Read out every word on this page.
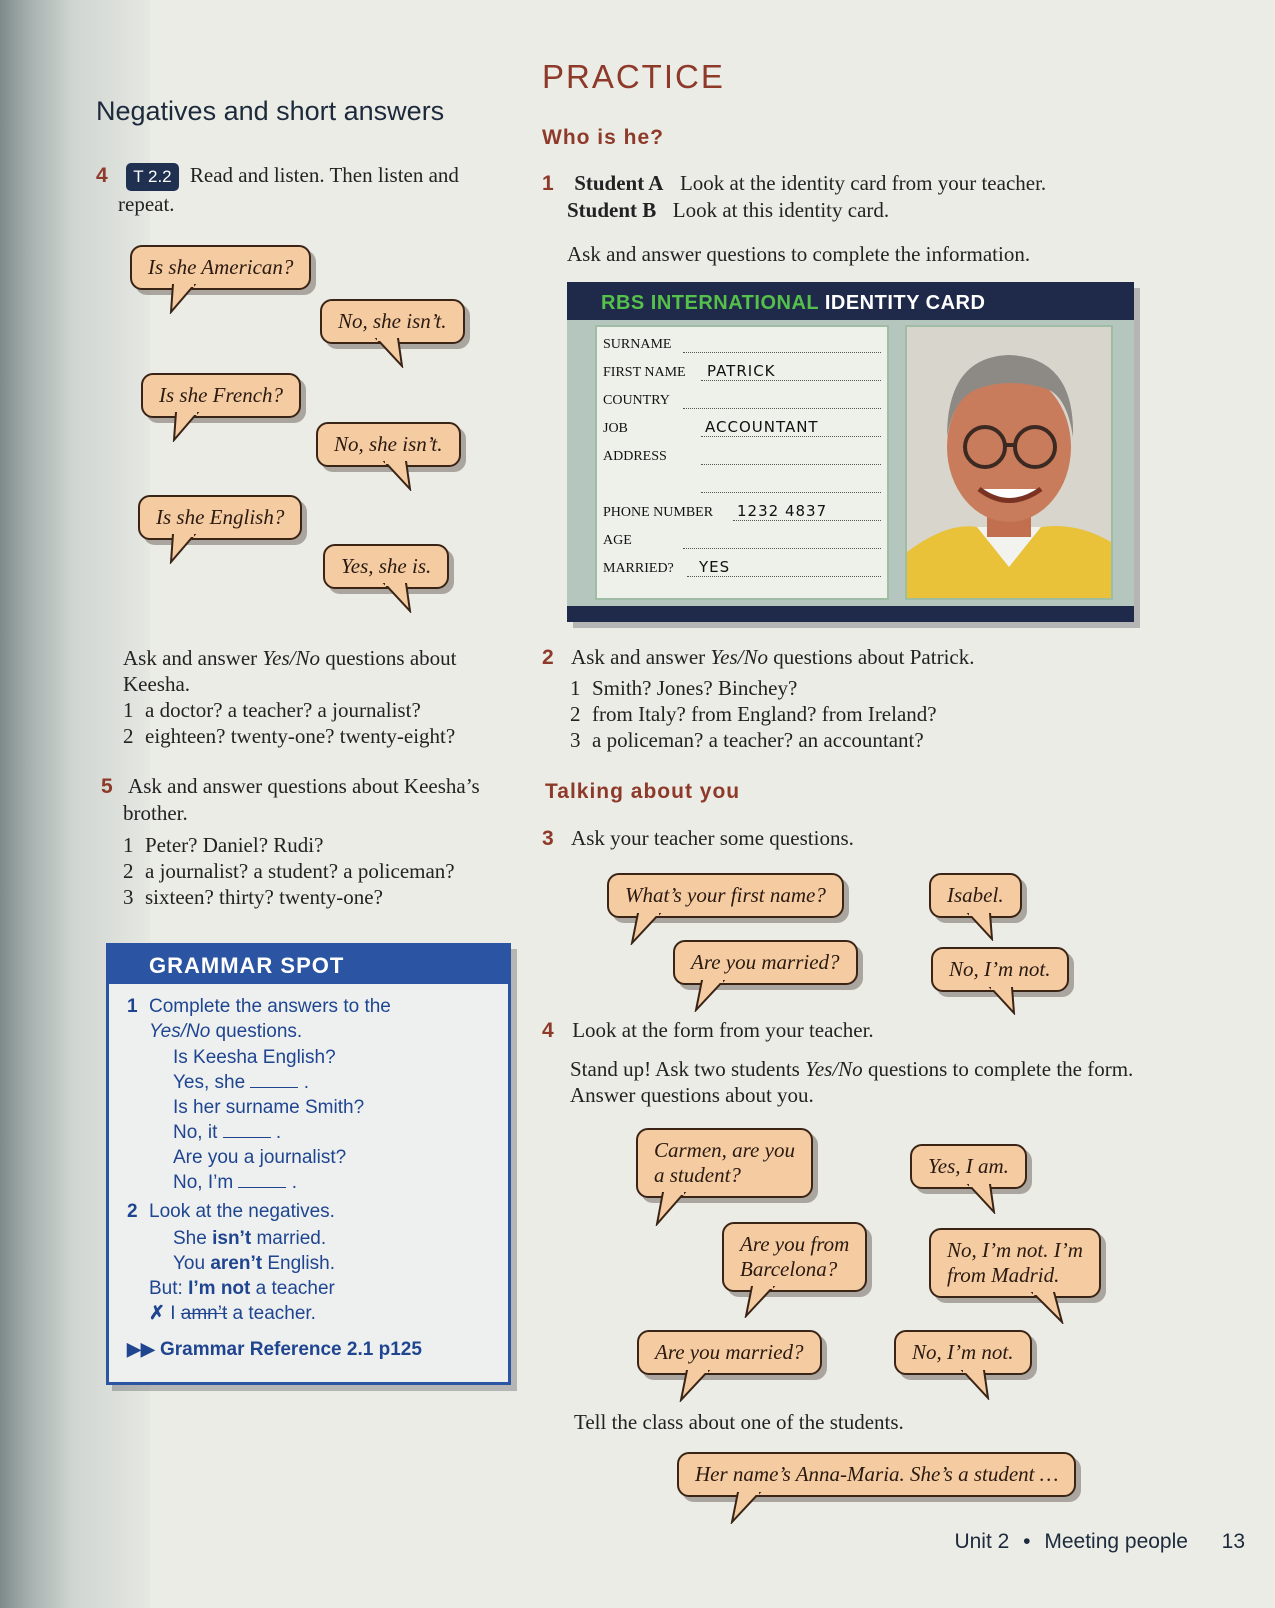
Negatives and short answers
4 T 2.2 Read and listen. Then listen and
repeat.
Is she American?
No, she isn’t.
Is she French?
No, she isn’t.
Is she English?
Yes, she is.
Ask and answer Yes/No questions about
Keesha.
1 a doctor? a teacher? a journalist?
2 eighteen? twenty-one? twenty-eight?
5 Ask and answer questions about Keesha’s
brother.
1 Peter? Daniel? Rudi?
2 a journalist? a student? a policeman?
3 sixteen? thirty? twenty-one?
GRAMMAR SPOT
1 Complete the answers to the
Yes/No questions.
Is Keesha English?
Yes, she	.
Is her surname Smith?
No, it	.
Are you a journalist?
No, I’m	.
2 Look at the negatives.
She isn’t married.
You aren’t English.
But: I’m not a teacher
✗ I amn’t a teacher.
▶▶ Grammar Reference 2.1 p125
PRACTICE
Who is he?
1 Student A Look at the identity card from your teacher.
Student B Look at this identity card.
Ask and answer questions to complete the information.
RBS INTERNATIONAL IDENTITY CARD
SURNAME
FIRST NAME PATRICK
COUNTRY
JOB	ACCOUNTANT
ADDRESS
PHONE NUMBER 1232 4837
AGE
MARRIED? YES
2 Ask and answer Yes/No questions about Patrick.
1 Smith? Jones? Binchey?
2 from Italy? from England? from Ireland?
3 a policeman? a teacher? an accountant?
Talking about you
3 Ask your teacher some questions.
What’s your first name?	Isabel.
Are you married?	No, I’m not.
4 Look at the form from your teacher.
Stand up! Ask two students Yes/No questions to complete the form.
Answer questions about you.
Carmen, are you
a student?	Yes, I am.
Are you from
Barcelona?
No, I’m not. I’m
from Madrid.
Are you married?	No, I’m not.
Tell the class about one of the students.
Her name’s Anna-Maria. She’s a student …
Unit 2 • Meeting people 13
